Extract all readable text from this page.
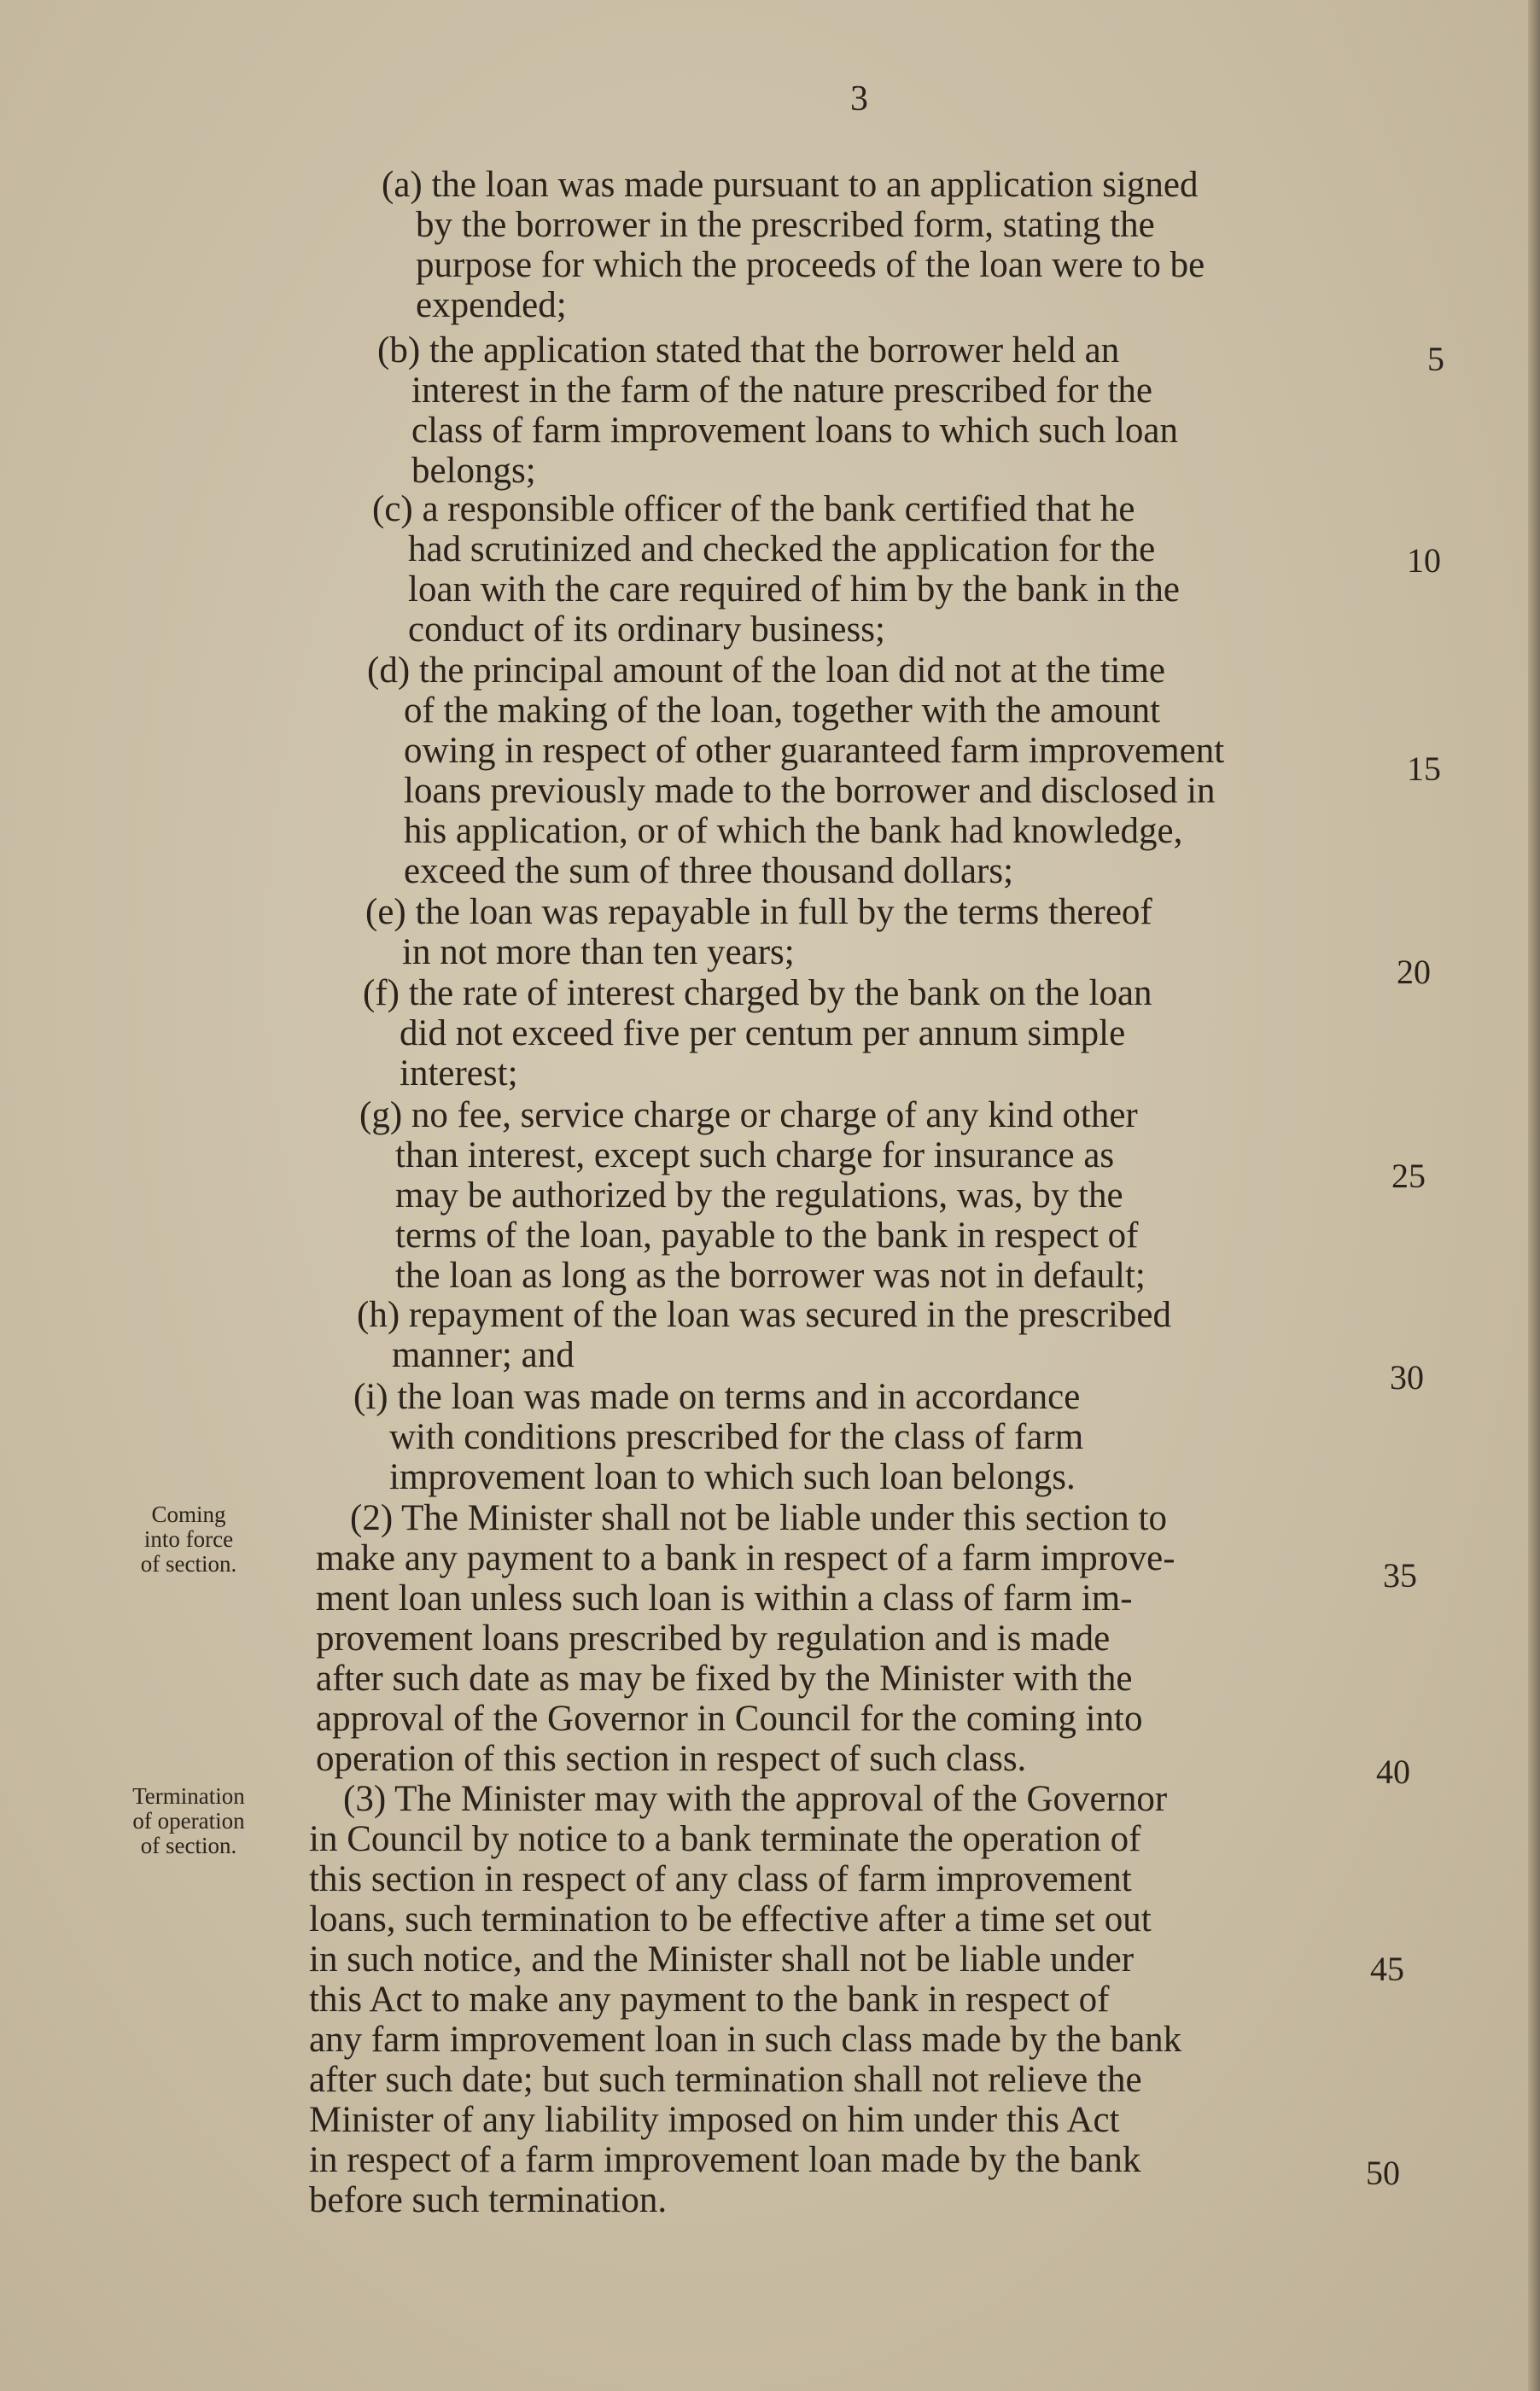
3
(a) the loan was made pursuant to an application signed
by the borrower in the prescribed form, stating the
purpose for which the proceeds of the loan were to be
expended;
(b) the application stated that the borrower held an
interest in the farm of the nature prescribed for the
class of farm improvement loans to which such loan
belongs;
(c) a responsible officer of the bank certified that he
had scrutinized and checked the application for the
loan with the care required of him by the bank in the
conduct of its ordinary business;
(d) the principal amount of the loan did not at the time
of the making of the loan, together with the amount
owing in respect of other guaranteed farm improvement
loans previously made to the borrower and disclosed in
his application, or of which the bank had knowledge,
exceed the sum of three thousand dollars;
(e) the loan was repayable in full by the terms thereof
in not more than ten years;
(f) the rate of interest charged by the bank on the loan
did not exceed five per centum per annum simple
interest;
(g) no fee, service charge or charge of any kind other
than interest, except such charge for insurance as
may be authorized by the regulations, was, by the
terms of the loan, payable to the bank in respect of
the loan as long as the borrower was not in default;
(h) repayment of the loan was secured in the prescribed
manner; and
(i) the loan was made on terms and in accordance
with conditions prescribed for the class of farm
improvement loan to which such loan belongs.
(2) The Minister shall not be liable under this section to
make any payment to a bank in respect of a farm improve-
ment loan unless such loan is within a class of farm im-
provement loans prescribed by regulation and is made
after such date as may be fixed by the Minister with the
approval of the Governor in Council for the coming into
operation of this section in respect of such class.
(3) The Minister may with the approval of the Governor
in Council by notice to a bank terminate the operation of
this section in respect of any class of farm improvement
loans, such termination to be effective after a time set out
in such notice, and the Minister shall not be liable under
this Act to make any payment to the bank in respect of
any farm improvement loan in such class made by the bank
after such date; but such termination shall not relieve the
Minister of any liability imposed on him under this Act
in respect of a farm improvement loan made by the bank
before such termination.
5
10
15
20
25
30
35
40
45
50
Coming
into force
of section.
Termination
of operation
of section.
